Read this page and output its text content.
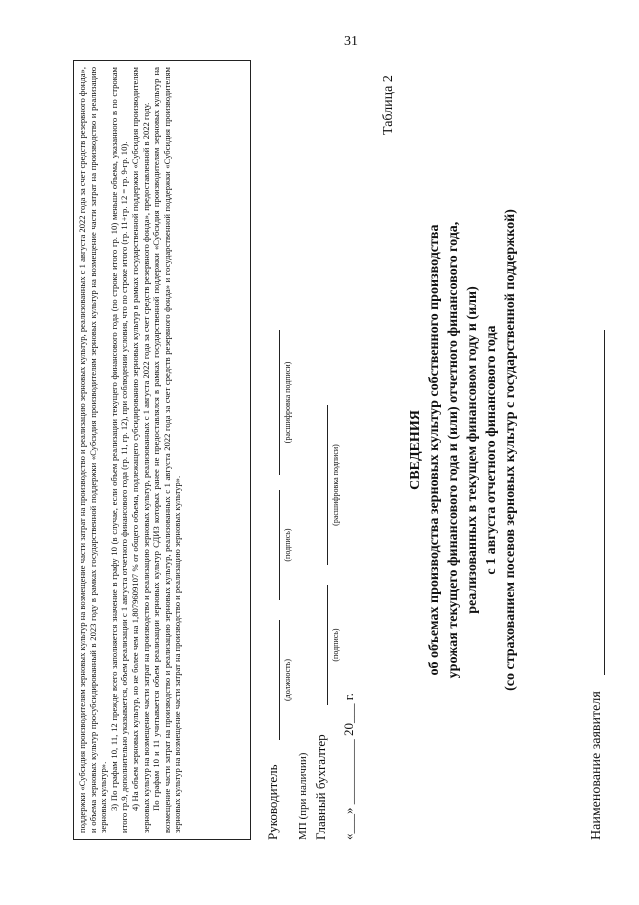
31

поддержки «Субсидия производителям зерновых культур на возмещение части затрат на производство и реализацию зерновых культур, реализованных с 1 августа 2022 года за счет средств резервного фонда», и объема зерновых культур просубсидированный в 2023 году в рамках государственной поддержки «Субсидия производителям зерновых культур на возмещение части затрат на производство и реализацию зерновых культур». 3) По графам 10, 11, 12 прежде всего заполняется значение в графу 10 (в случае, если объем реализации текущего финансового года (по строке итого гр. 10) меньше объема, указанного в по строкам итого гр.9, дополнительно указывается, объем реализации с 1 августа отчетного финансового года (гр. 11, гр. 12), при соблюдении условия, что по строке итого (гр. 11+гр. 12 = гр. 9-гр. 10). 4) На объем зерновых культур, но не более чем на 1,8079609107 % от общего объема, подлежащего субсидированию зерновых культур в рамках государственной поддержки «Субсидия производителям зерновых культур на возмещение части затрат на производство и реализацию зерновых культур, реализованных с 1 августа 2022 года за счет средств резервного фонда», предоставленной в 2022 году. По графам 10 и 11 учитывается объем реализации зерновых культур СДИЗ которых ранее не предоставлялся в рамках государственной поддержки «Субсидия производителям зерновых культур на возмещение части затрат на производство и реализацию зерновых культур, реализованных с 1 августа 2022 года за счет средств резервного фонда» и государственной поддержки «Субсидия производителям зерновых культур на возмещение части затрат на производство и реализацию зерновых культур».	Руководитель
(должность)
(подпись)
(расшифровка подписи)
МП (при наличии) Главный бухгалтер
(подпись)
(расшифровка подписи)
«___» __________ 20___ г.
СВЕДЕНИЯ об объемах производства зерновых культур собственного производства урожая текущего финансового года и (или) отчетного финансового года, реализованных в текущем финансовом году и (или) с 1 августа отчетного финансового года (со страхованием посевов зерновых культур с государственной поддержкой)
Таблица 2
Наименование заявителя
